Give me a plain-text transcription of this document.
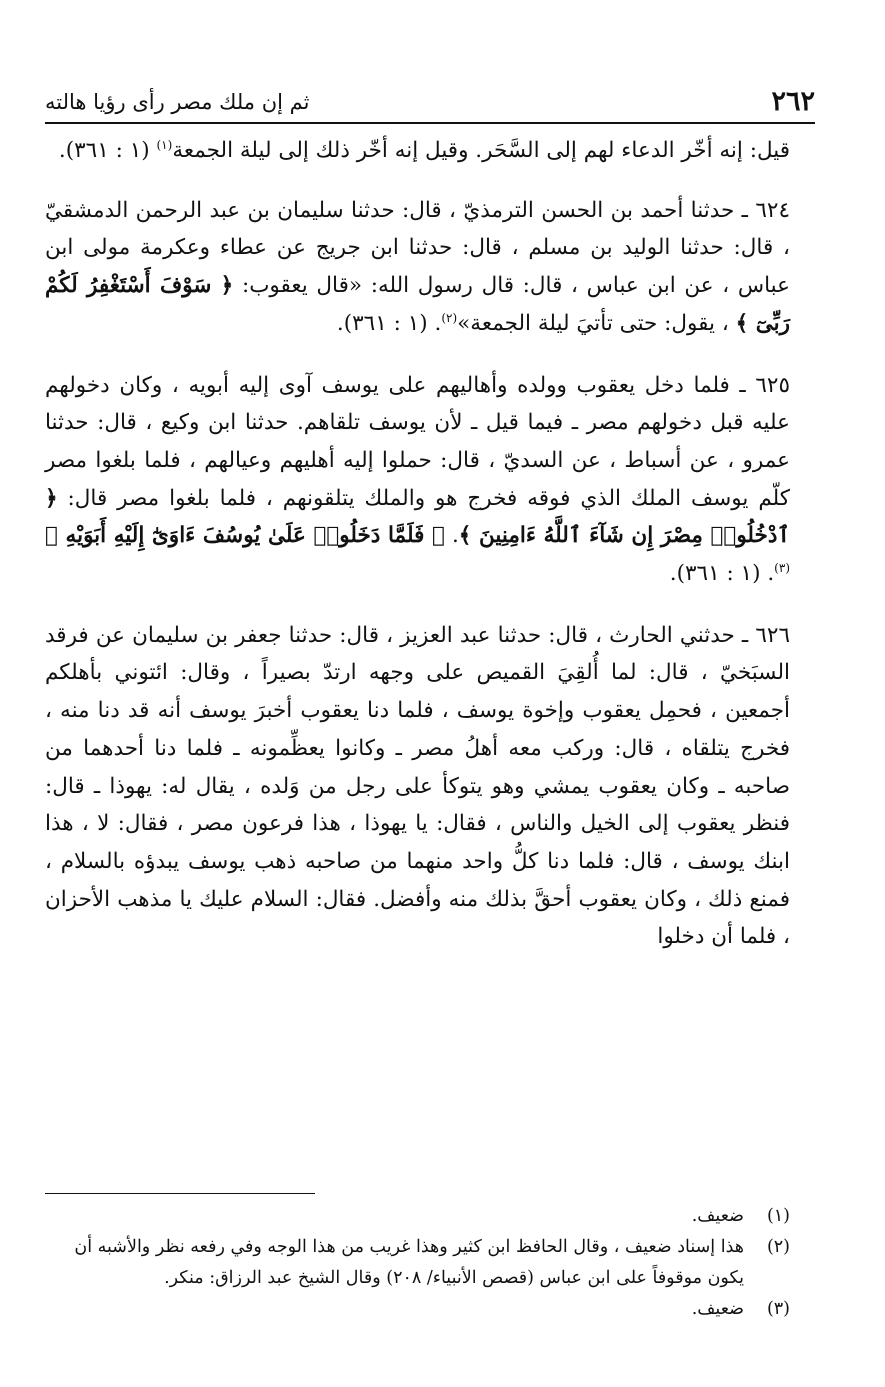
٢٦٢
ثم إن ملك مصر رأى رؤيا هالته

قيل: إنه أخّر الدعاء لهم إلى السَّحَر. وقيل إنه أخّر ذلك إلى ليلة الجمعة$^{(١)}$ (١ : ٣٦١).

٦٢٤ ـ حدثنا أحمد بن الحسن الترمذيّ ، قال: حدثنا سليمان بن عبد الرحمن الدمشقيّ ، قال: حدثنا الوليد بن مسلم ، قال: حدثنا ابن جريج عن عطاء وعكرمة مولى ابن عباس ، عن ابن عباس ، قال: قال رسول الله: «قال يعقوب: ﴿ سَوْفَ أَسْتَغْفِرُ لَكُمْ رَبِّىٓ ﴾ ، يقول: حتى تأتيَ ليلة الجمعة»$^{(٢)}$. (١ : ٣٦١).

٦٢٥ ـ فلما دخل يعقوب وولده وأهاليهم على يوسف آوى إليه أبويه ، وكان دخولهم عليه قبل دخولهم مصر ـ فيما قيل ـ لأن يوسف تلقاهم. حدثنا ابن وكيع ، قال: حدثنا عمرو ، عن أسباط ، عن السديّ ، قال: حملوا إليه أهليهم وعيالهم ، فلما بلغوا مصر كلّم يوسف الملك الذي فوقه فخرج هو والملك يتلقونهم ، فلما بلغوا مصر قال: ﴿ ٱدْخُلُوا۟ مِصْرَ إِن شَآءَ ٱللَّهُ ءَامِنِينَ ﴾. ﴿ فَلَمَّا دَخَلُوا۟ عَلَىٰ يُوسُفَ ءَاوَىٰٓ إِلَيْهِ أَبَوَيْهِ ﴾$^{(٣)}$. (١ : ٣٦١).

٦٢٦ ـ حدثني الحارث ، قال: حدثنا عبد العزيز ، قال: حدثنا جعفر بن سليمان عن فرقد السبَخيّ ، قال: لما أُلقِيَ القميص على وجهه ارتدّ بصيراً ، وقال: ائتوني بأهلكم أجمعين ، فحمِل يعقوب وإخوة يوسف ، فلما دنا يعقوب أخبرَ يوسف أنه قد دنا منه ، فخرج يتلقاه ، قال: وركب معه أهلُ مصر ـ وكانوا يعظِّمونه ـ فلما دنا أحدهما من صاحبه ـ وكان يعقوب يمشي وهو يتوكأ على رجل من وَلده ، يقال له: يهوذا ـ قال: فنظر يعقوب إلى الخيل والناس ، فقال: يا يهوذا ، هذا فرعون مصر ، فقال: لا ، هذا ابنك يوسف ، قال: فلما دنا كلُّ واحد منهما من صاحبه ذهب يوسف يبدؤه بالسلام ، فمنع ذلك ، وكان يعقوب أحقَّ بذلك منه وأفضل. فقال: السلام عليك يا مذهب الأحزان ، فلما أن دخلوا

(١)
ضعيف.
(٢)
هذا إسناد ضعيف ، وقال الحافظ ابن كثير وهذا غريب من هذا الوجه وفي رفعه نظر والأشبه أن يكون موقوفاً على ابن عباس (قصص الأنبياء/ ٢٠٨) وقال الشيخ عبد الرزاق: منكر.
(٣)
ضعيف.
